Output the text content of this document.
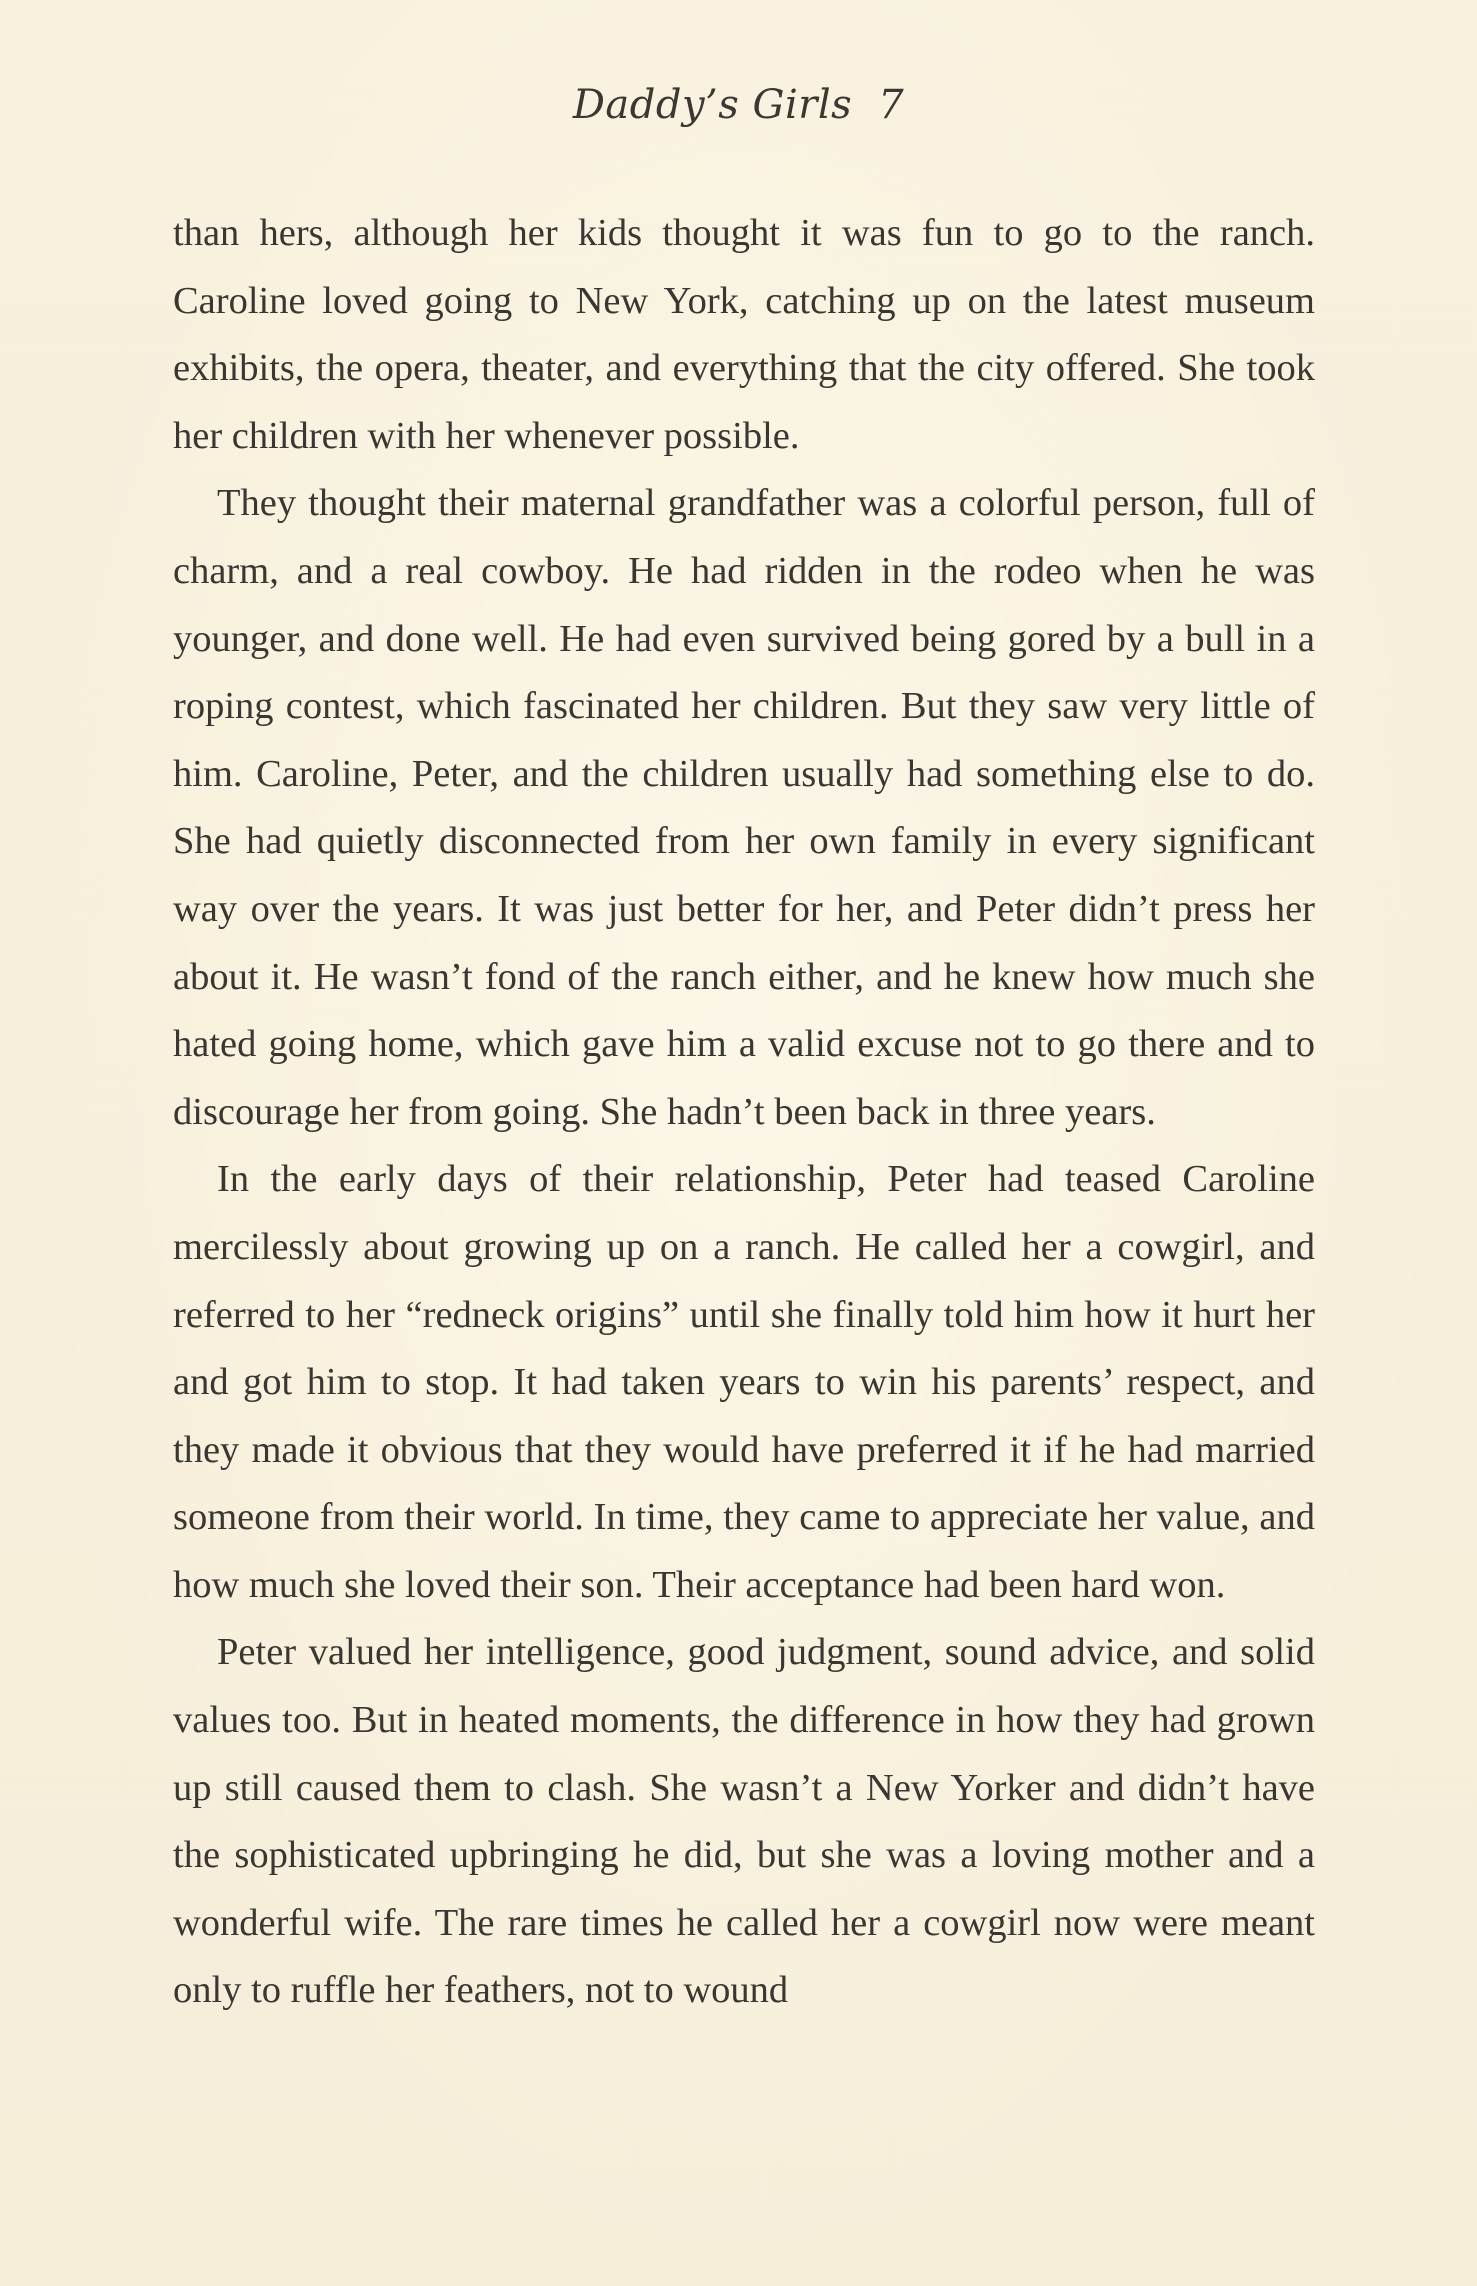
Daddy’s Girls 7

than hers, although her kids thought it was fun to go to the ranch. Caroline loved going to New York, catching up on the latest museum exhibits, the opera, theater, and everything that the city offered. She took her children with her whenever possible.

They thought their maternal grandfather was a colorful person, full of charm, and a real cowboy. He had ridden in the rodeo when he was younger, and done well. He had even survived being gored by a bull in a roping contest, which fascinated her children. But they saw very little of him. Caroline, Peter, and the children usually had something else to do. She had quietly disconnected from her own family in every significant way over the years. It was just better for her, and Peter didn’t press her about it. He wasn’t fond of the ranch either, and he knew how much she hated going home, which gave him a valid excuse not to go there and to discourage her from going. She hadn’t been back in three years.

In the early days of their relationship, Peter had teased Caroline mercilessly about growing up on a ranch. He called her a cowgirl, and referred to her “redneck origins” until she finally told him how it hurt her and got him to stop. It had taken years to win his parents’ respect, and they made it obvious that they would have preferred it if he had married someone from their world. In time, they came to appreciate her value, and how much she loved their son. Their acceptance had been hard won.

Peter valued her intelligence, good judgment, sound advice, and solid values too. But in heated moments, the difference in how they had grown up still caused them to clash. She wasn’t a New Yorker and didn’t have the sophisticated upbringing he did, but she was a loving mother and a wonderful wife. The rare times he called her a cowgirl now were meant only to ruffle her feathers, not to wound
